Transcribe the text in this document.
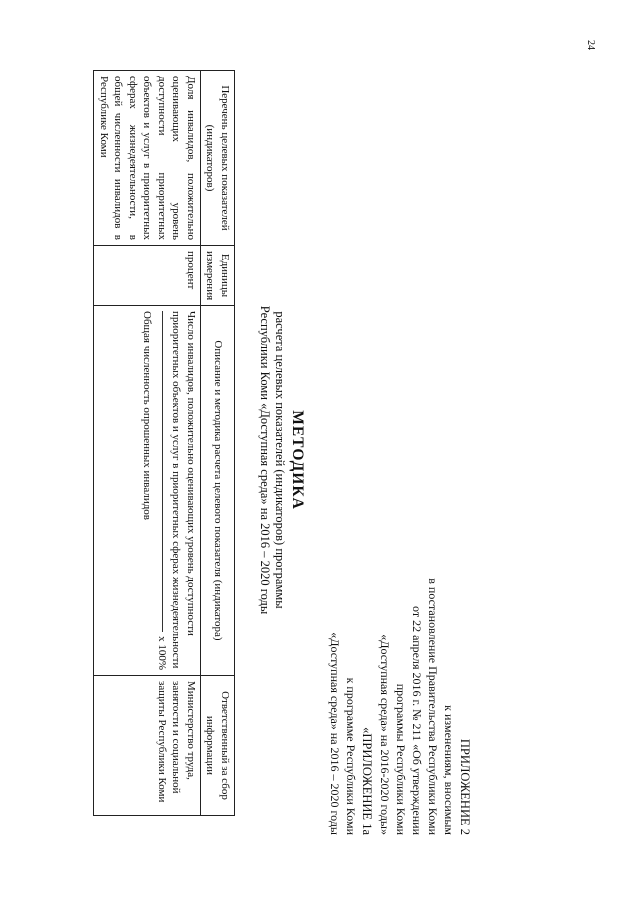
24
ПРИЛОЖЕНИЕ 2
к изменениям, вносимым
в постановление Правительства Республики Коми
от 22 апреля 2016 г. № 211 «Об утверждении
программы Республики Коми
«Доступная среда» на 2016-2020 годы»
«ПРИЛОЖЕНИЕ 1а
к программе Республики Коми
«Доступная среда» на 2016 – 2020 годы
МЕТОДИКА
расчета целевых показателей (индикаторов) программы
Республики Коми «Доступная среда» на 2016 – 2020 годы
Перечень целевых показателей (индикаторов)	Единицы измерения	Описание и методика расчета целевого показателя (индикатора)	Ответственный за сбор информации
Доля инвалидов, положительно оценивающих уровень доступности приоритетных объектов и услуг в приоритетных сферах жизнедеятельности, в общей численности инвалидов в Республике Коми	процент	Число инвалидов, положительно оценивающих уровень доступности приоритетных объектов и услуг в приоритетных сферах жизнедеятельности
х 100%
Общая численность опрошенных инвалидов	Министерство труда, занятости и социальной защиты Республики Коми
